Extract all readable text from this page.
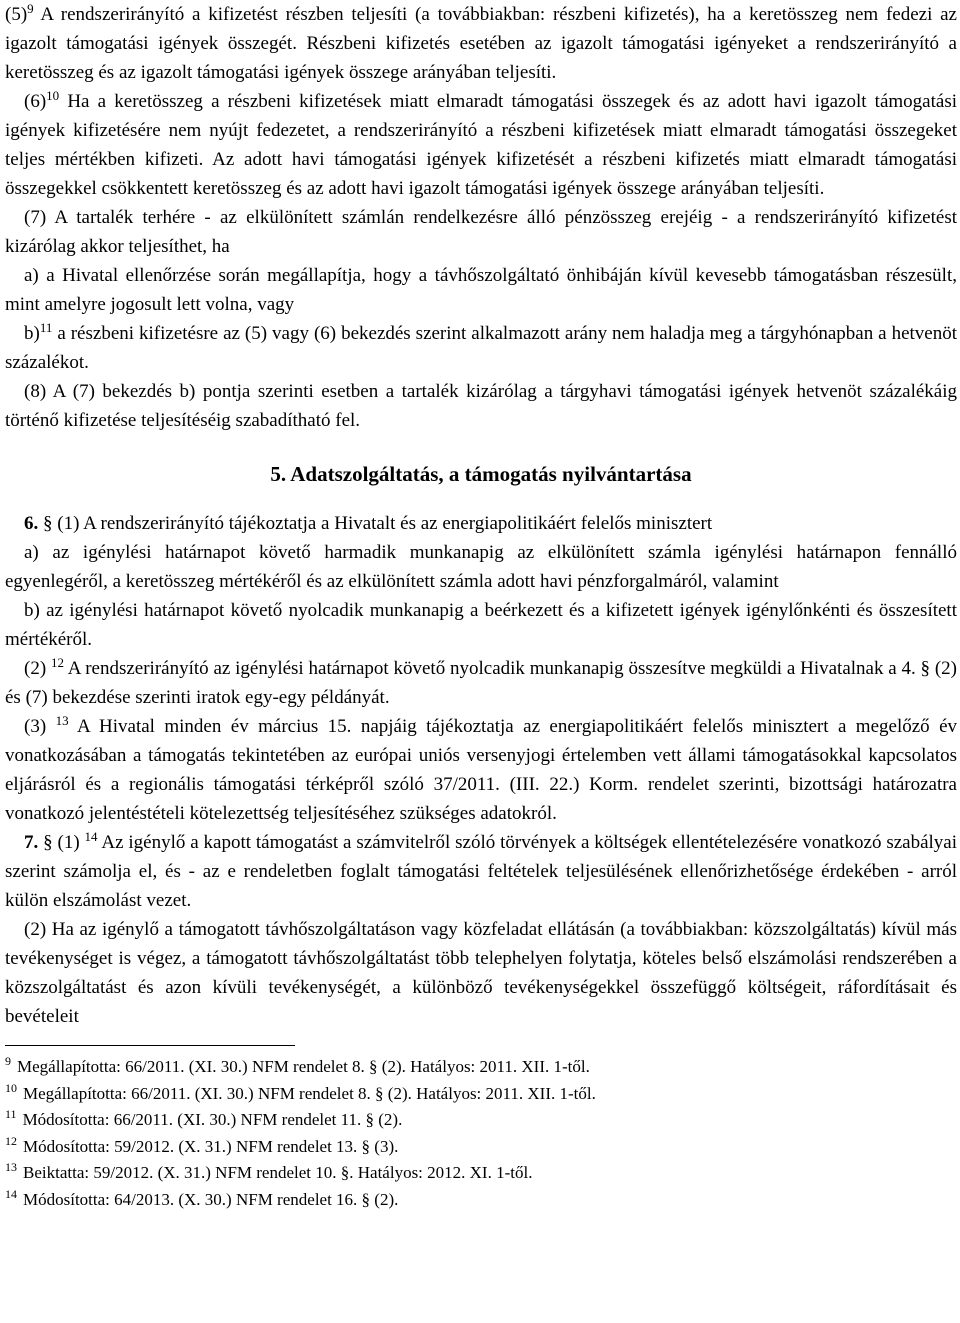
$(5)^9$ A rendszerirányító a kifizetést részben teljesíti (a továbbiakban: részbeni kifizetés), ha a keretösszeg nem fedezi az igazolt támogatási igények összegét. Részbeni kifizetés esetében az igazolt támogatási igényeket a rendszerirányító a keretösszeg és az igazolt támogatási igények összege arányában teljesíti.

$(6)^{10}$ Ha a keretösszeg a részbeni kifizetések miatt elmaradt támogatási összegek és az adott havi igazolt támogatási igények kifizetésére nem nyújt fedezetet, a rendszerirányító a részbeni kifizetések miatt elmaradt támogatási összegeket teljes mértékben kifizeti. Az adott havi támogatási igények kifizetését a részbeni kifizetés miatt elmaradt támogatási összegekkel csökkentett keretösszeg és az adott havi igazolt támogatási igények összege arányában teljesíti.

(7) A tartalék terhére - az elkülönített számlán rendelkezésre álló pénzösszeg erejéig - a rendszerirányító kifizetést kizárólag akkor teljesíthet, ha

a) a Hivatal ellenőrzése során megállapítja, hogy a távhőszolgáltató önhibáján kívül kevesebb támogatásban részesült, mint amelyre jogosult lett volna, vagy

b)$^{11}$ a részbeni kifizetésre az (5) vagy (6) bekezdés szerint alkalmazott arány nem haladja meg a tárgyhónapban a hetvenöt százalékot.

(8) A (7) bekezdés b) pontja szerinti esetben a tartalék kizárólag a tárgyhavi támogatási igények hetvenöt százalékáig történő kifizetése teljesítéséig szabadítható fel.

5. Adatszolgáltatás, a támogatás nyilvántartása

6. § (1) A rendszerirányító tájékoztatja a Hivatalt és az energiapolitikáért felelős minisztert

a) az igénylési határnapot követő harmadik munkanapig az elkülönített számla igénylési határnapon fennálló egyenlegéről, a keretösszeg mértékéről és az elkülönített számla adott havi pénzforgalmáról, valamint

b) az igénylési határnapot követő nyolcadik munkanapig a beérkezett és a kifizetett igények igénylőnkénti és összesített mértékéről.

(2) $^{12}$ A rendszerirányító az igénylési határnapot követő nyolcadik munkanapig összesítve megküldi a Hivatalnak a 4. § (2) és (7) bekezdése szerinti iratok egy-egy példányát.

(3) $^{13}$ A Hivatal minden év március 15. napjáig tájékoztatja az energiapolitikáért felelős minisztert a megelőző év vonatkozásában a támogatás tekintetében az európai uniós versenyjogi értelemben vett állami támogatásokkal kapcsolatos eljárásról és a regionális támogatási térképről szóló 37/2011. (III. 22.) Korm. rendelet szerinti, bizottsági határozatra vonatkozó jelentéstételi kötelezettség teljesítéséhez szükséges adatokról.

7. § (1) $^{14}$ Az igénylő a kapott támogatást a számvitelről szóló törvények a költségek ellentételezésére vonatkozó szabályai szerint számolja el, és - az e rendeletben foglalt támogatási feltételek teljesülésének ellenőrizhetősége érdekében - arról külön elszámolást vezet.

(2) Ha az igénylő a támogatott távhőszolgáltatáson vagy közfeladat ellátásán (a továbbiakban: közszolgáltatás) kívül más tevékenységet is végez, a támogatott távhőszolgáltatást több telephelyen folytatja, köteles belső elszámolási rendszerében a közszolgáltatást és azon kívüli tevékenységét, a különböző tevékenységekkel összefüggő költségeit, ráfordításait és bevételeit

$^9$ Megállapította: 66/2011. (XI. 30.) NFM rendelet 8. § (2). Hatályos: 2011. XII. 1-től.

$^{10}$ Megállapította: 66/2011. (XI. 30.) NFM rendelet 8. § (2). Hatályos: 2011. XII. 1-től.

$^{11}$ Módosította: 66/2011. (XI. 30.) NFM rendelet 11. § (2).

$^{12}$ Módosította: 59/2012. (X. 31.) NFM rendelet 13. § (3).

$^{13}$ Beiktatta: 59/2012. (X. 31.) NFM rendelet 10. §. Hatályos: 2012. XI. 1-től.

$^{14}$ Módosította: 64/2013. (X. 30.) NFM rendelet 16. § (2).
